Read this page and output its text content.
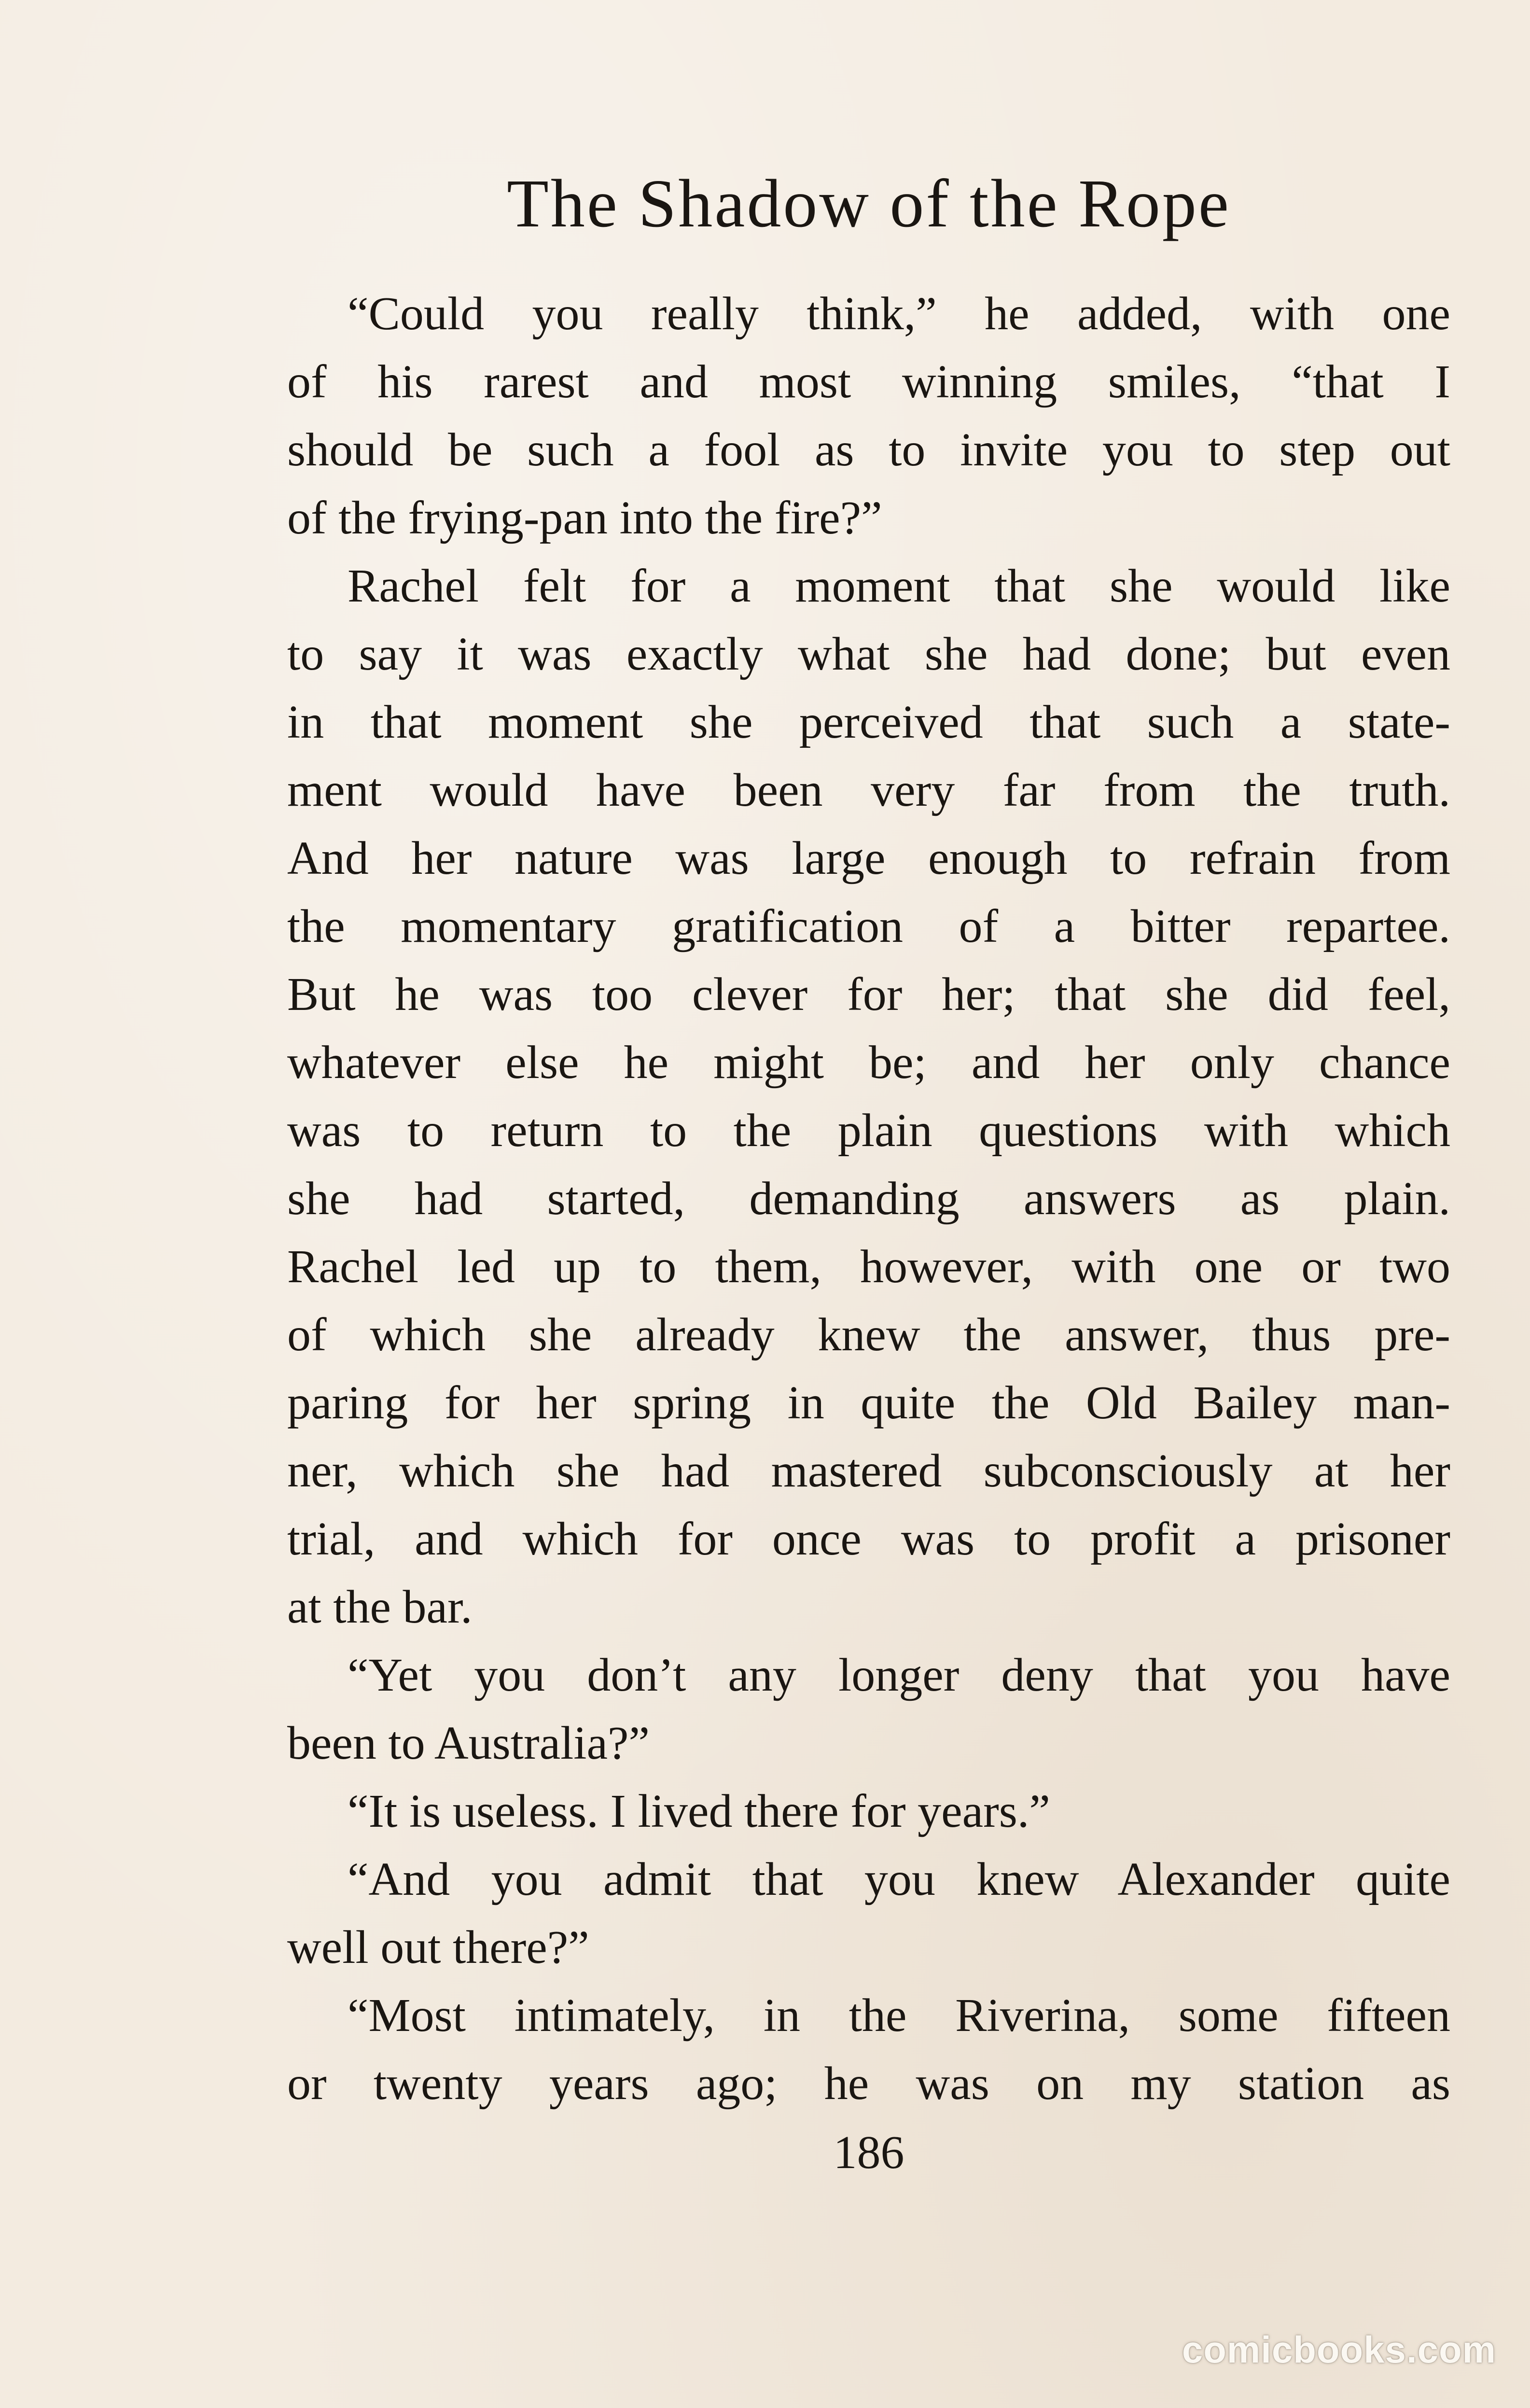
The Shadow of the Rope
“Could you really think,” he added, with one
of his rarest and most winning smiles, “that I
should be such a fool as to invite you to step out
of the frying-pan into the fire?”
Rachel felt for a moment that she would like
to say it was exactly what she had done; but even
in that moment she perceived that such a state-
ment would have been very far from the truth.
And her nature was large enough to refrain from
the momentary gratification of a bitter repartee.
But he was too clever for her; that she did feel,
whatever else he might be; and her only chance
was to return to the plain questions with which
she had started, demanding answers as plain.
Rachel led up to them, however, with one or two
of which she already knew the answer, thus pre-
paring for her spring in quite the Old Bailey man-
ner, which she had mastered subconsciously at her
trial, and which for once was to profit a prisoner
at the bar.
“Yet you don’t any longer deny that you have
been to Australia?”
“It is useless. I lived there for years.”
“And you admit that you knew Alexander quite
well out there?”
“Most intimately, in the Riverina, some fifteen
or twenty years ago; he was on my station as
186
comicbooks.com
